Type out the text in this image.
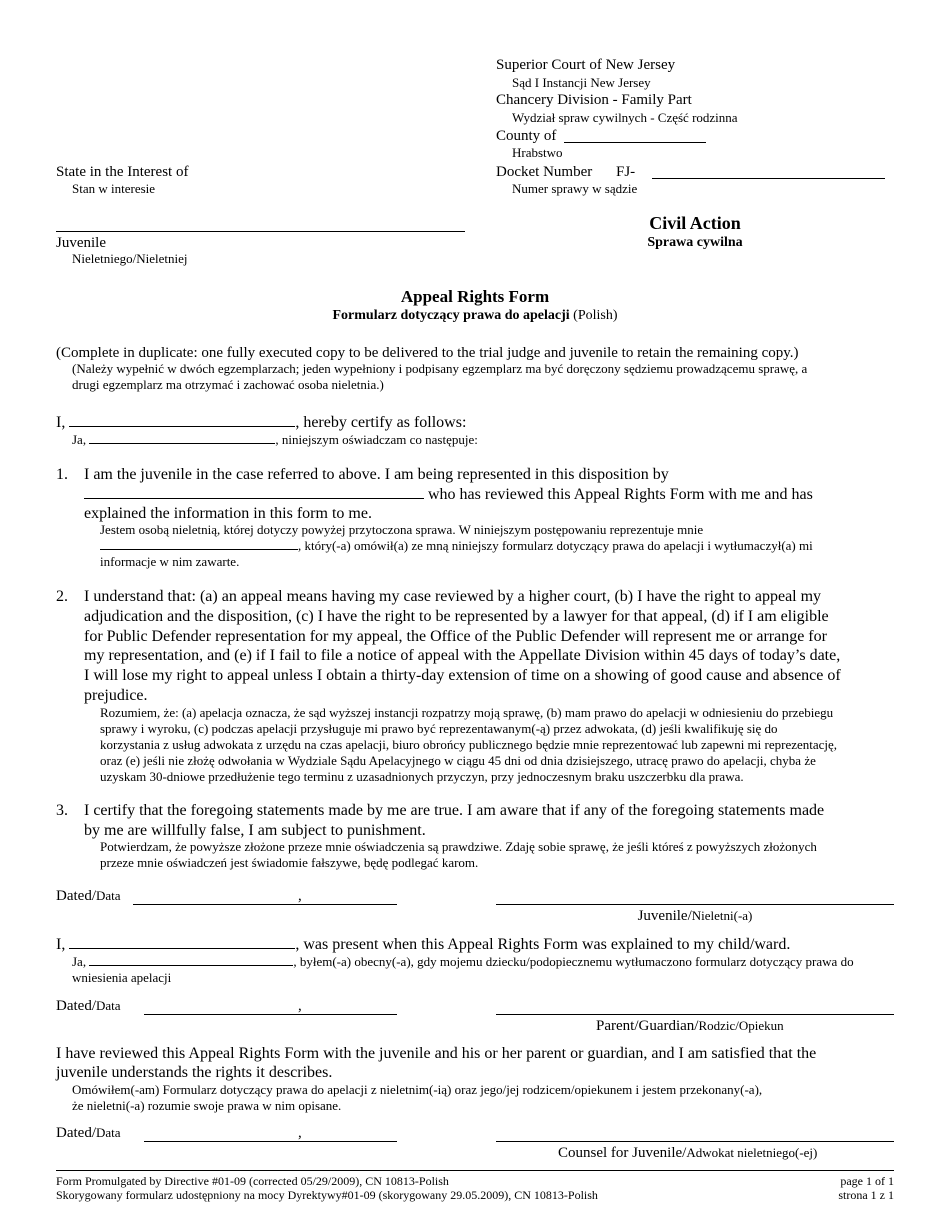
Superior Court of New Jersey
Sąd I Instancji New Jersey
Chancery Division - Family Part
Wydział spraw cywilnych - Część rodzinna
County of
Hrabstwo
Docket Number FJ-
Numer sprawy w sądzie
State in the Interest of
Stan w interesie
Juvenile
Nieletniego/Nieletniej
Civil Action
Sprawa cywilna
Appeal Rights Form
Formularz dotyczący prawa do apelacji (Polish)
(Complete in duplicate: one fully executed copy to be delivered to the trial judge and juvenile to retain the remaining copy.)
(Należy wypełnić w dwóch egzemplarzach; jeden wypełniony i podpisany egzemplarz ma być doręczony sędziemu prowadzącemu sprawę, a
drugi egzemplarz ma otrzymać i zachować osoba nieletnia.)
I,	, hereby certify as follows:
Ja,	, niniejszym oświadczam co następuje:
1. I am the juvenile in the case referred to above. I am being represented in this disposition by
who has reviewed this Appeal Rights Form with me and has
explained the information in this form to me.
Jestem osobą nieletnią, której dotyczy powyżej przytoczona sprawa. W niniejszym postępowaniu reprezentuje mnie
, który(-a) omówił(a) ze mną niniejszy formularz dotyczący prawa do apelacji i wytłumaczył(a) mi
informacje w nim zawarte.
2. I understand that: (a) an appeal means having my case reviewed by a higher court, (b) I have the right to appeal my
adjudication and the disposition, (c) I have the right to be represented by a lawyer for that appeal, (d) if I am eligible
for Public Defender representation for my appeal, the Office of the Public Defender will represent me or arrange for
my representation, and (e) if I fail to file a notice of appeal with the Appellate Division within 45 days of today’s date,
I will lose my right to appeal unless I obtain a thirty-day extension of time on a showing of good cause and absence of
prejudice.
Rozumiem, że: (a) apelacja oznacza, że sąd wyższej instancji rozpatrzy moją sprawę, (b) mam prawo do apelacji w odniesieniu do przebiegu
sprawy i wyroku, (c) podczas apelacji przysługuje mi prawo być reprezentawanym(-ą) przez adwokata, (d) jeśli kwalifikuję się do
korzystania z usług adwokata z urzędu na czas apelacji, biuro obrońcy publicznego będzie mnie reprezentować lub zapewni mi reprezentację,
oraz (e) jeśli nie złożę odwołania w Wydziale Sądu Apelacyjnego w ciągu 45 dni od dnia dzisiejszego, utracę prawo do apelacji, chyba że
uzyskam 30-dniowe przedłużenie tego terminu z uzasadnionych przyczyn, przy jednoczesnym braku uszczerbku dla prawa.
3. I certify that the foregoing statements made by me are true. I am aware that if any of the foregoing statements made
by me are willfully false, I am subject to punishment.
Potwierdzam, że powyższe złożone przeze mnie oświadczenia są prawdziwe. Zdaję sobie sprawę, że jeśli któreś z powyższych złożonych
przeze mnie oświadczeń jest świadomie fałszywe, będę podlegać karom.
Dated/Data	,
Juvenile/Nieletni(-a)
I,	, was present when this Appeal Rights Form was explained to my child/ward.
Ja,	, byłem(-a) obecny(-a), gdy mojemu dziecku/podopiecznemu wytłumaczono formularz dotyczący prawa do
wniesienia apelacji
Dated/Data	,
Parent/Guardian/Rodzic/Opiekun
I have reviewed this Appeal Rights Form with the juvenile and his or her parent or guardian, and I am satisfied that the
juvenile understands the rights it describes.
Omówiłem(-am) Formularz dotyczący prawa do apelacji z nieletnim(-ią) oraz jego/jej rodzicem/opiekunem i jestem przekonany(-a),
że nieletni(-a) rozumie swoje prawa w nim opisane.
Dated/Data	,
Counsel for Juvenile/Adwokat nieletniego(-ej)
Form Promulgated by Directive #01-09 (corrected 05/29/2009), CN 10813-Polish
Skorygowany formularz udostępniony na mocy Dyrektywy#01-09 (skorygowany 29.05.2009), CN 10813-Polish
page 1 of 1
strona 1 z 1
